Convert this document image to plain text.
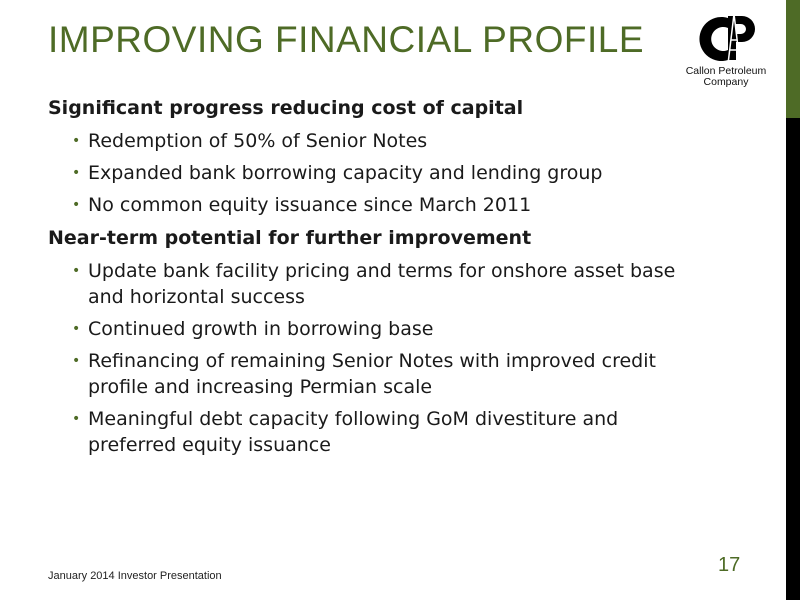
IMPROVING FINANCIAL PROFILE
Callon Petroleum
Company
Significant progress reducing cost of capital
• Redemption of 50% of Senior Notes
• Expanded bank borrowing capacity and lending group
• No common equity issuance since March 2011
Near-term potential for further improvement
• Update bank facility pricing and terms for onshore asset base and horizontal success
• Continued growth in borrowing base
• Refinancing of remaining Senior Notes with improved credit profile and increasing Permian scale
• Meaningful debt capacity following GoM divestiture and preferred equity issuance
January 2014 Investor Presentation	17
